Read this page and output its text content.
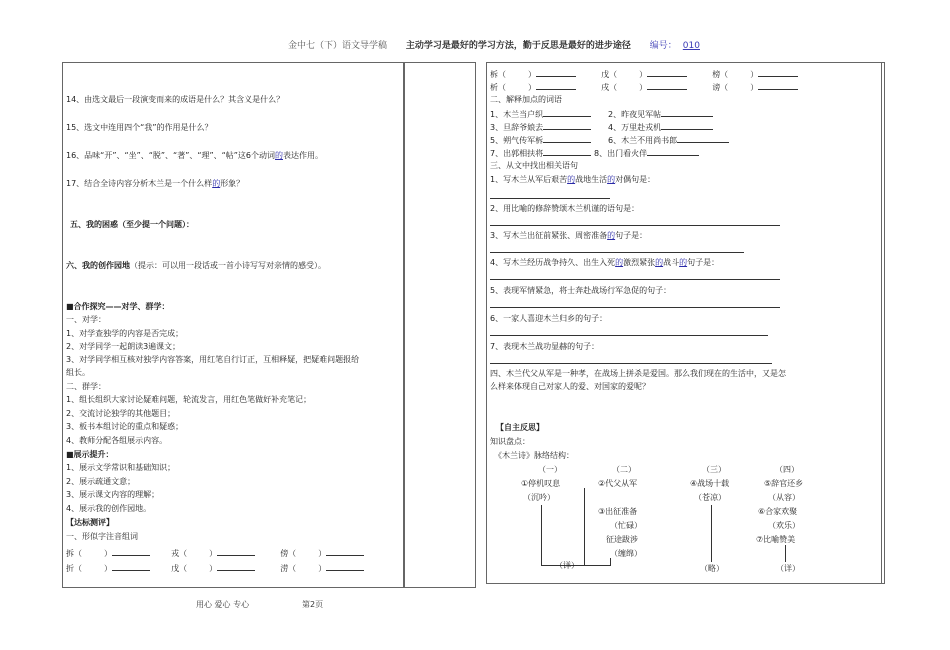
金中七（下）语文导学稿 主动学习是最好的学习方法，勤于反思是最好的进步途径 编号： 010
14、由选文最后一段演变而来的成语是什么？其含义是什么？
15、选文中连用四个“我”的作用是什么？
16、品味“开”、“坐”、“脱”、“著”、“理”、“帖”这6个动词的表达作用。
17、结合全诗内容分析木兰是一个什么样的形象？
五、我的困惑（至少提一个问题）：
六、我的创作园地（提示：可以用一段话或一首小诗写写对亲情的感受）。
■合作探究——对学、群学：
一、对学：
1、对学查独学的内容是否完成；
2、对学同学一起朗读3遍课文；
3、对学同学相互核对独学内容答案，用红笔自行订正，互相释疑，把疑难问题报给
组长。
二、群学：
1、组长组织大家讨论疑难问题，轮流发言，用红色笔做好补充笔记；
2、交流讨论独学的其他题目；
3、板书本组讨论的重点和疑惑；
4、教师分配各组展示内容。
■展示提升：
1、展示文学常识和基础知识；
2、展示疏通文意；
3、展示课文内容的理解；
4、展示我的创作园地。
【达标测评】
一、形似字注音组词
拆（	）	戎（	）	傍（	）
折（	）	戊（	）	涝（	）
柝（	）	戊（	）	榜（	）
析（	）	戌（	）	谤（	）
二、解释加点的词语
1、木兰当户织	2、昨夜见军帖
3、旦辞爷娘去	4、万里赴戎机
5、朔气传军柝	6、木兰不用尚书郎
7、出郭相扶将	8、出门看火伴
三、从文中找出相关语句
1、写木兰从军后艰苦的战地生活的对偶句是：
2、用比喻的修辞赞颂木兰机谨的语句是：
3、写木兰出征前紧张、周密准备的句子是：
4、写木兰经历战争持久、出生入死的激烈紧张的战斗的句子是：
5、表现军情紧急，将士奔赴战场行军急促的句子：
6、一家人喜迎木兰归乡的句子：
7、表现木兰战功显赫的句子：
四、木兰代父从军是一种孝，在战场上拼杀是爱国。那么我们现在的生活中，又是怎
么样来体现自己对家人的爱、对国家的爱呢？
【自主反思】
知识盘点：
《木兰诗》脉络结构：
（一）	（二）	（三）	（四）
①停机叹息	②代父从军	④战场十载	⑤辞官还乡
（沉吟）	（苍凉）	（从容）
③出征准备	⑥合家欢聚
（忙碌）	（欢乐）
征途跋涉	⑦比喻赞美
（缠绵）
（详）	（略）	（详）
用心 爱心 专心	第2页
